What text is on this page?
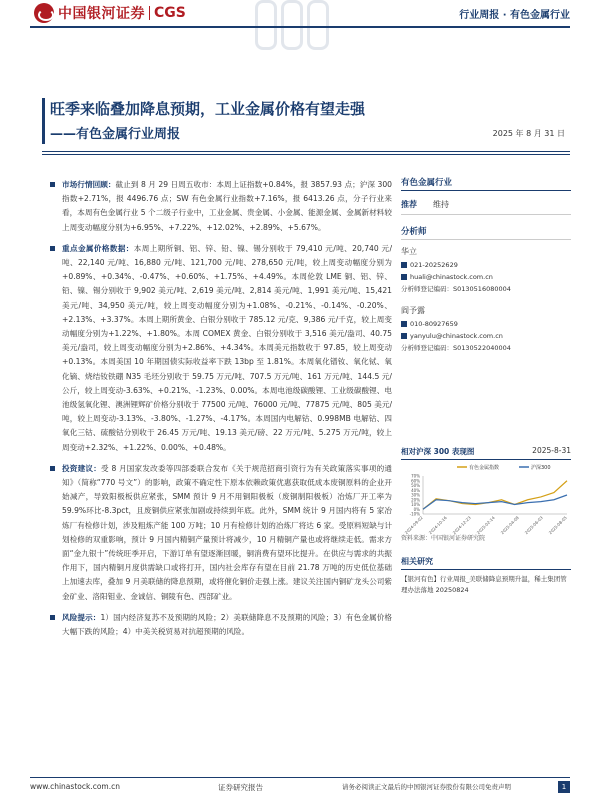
中国银河证券 CGS	行业周报 · 有色金属行业
旺季来临叠加降息预期，工业金属价格有望走强
——有色金属行业周报	2025 年 8 月 31 日
市场行情回顾：截止到 8 月 29 日周五收市：本周上证指数+0.84%，报 3857.93 点；沪深 300 指数+2.71%，报 4496.76 点；SW 有色金属行业指数+7.16%，报 6413.26 点，分子行业来看，本周有色金属行业 5 个二级子行业中，工业金属、贵金属、小金属、能源金属、金属新材料较上周变动幅度分别为+6.95%、+7.22%、+12.02%、+2.89%、+5.67%。
重点金属价格数据：本周上期所铜、铝、锌、铅、镍、锡分别收于 79,410 元/吨、20,740 元/吨、22,140 元/吨、16,880 元/吨、121,700 元/吨、278,650 元/吨，较上周变动幅度分别为+0.89%、+0.34%、-0.47%、+0.60%、+1.75%、+4.49%。本周伦敦 LME 铜、铝、锌、铅、镍、锡分别收于 9,902 美元/吨、2,619 美元/吨、2,814 美元/吨、1,991 美元/吨、15,421 美元/吨、34,950 美元/吨，较上周变动幅度分别为+1.08%、-0.21%、-0.14%、-0.20%、+2.13%、+3.37%。本周上期所黄金、白银分别收于 785.12 元/克、9,386 元/千克，较上周变动幅度分别为+1.22%、+1.80%。本周 COMEX 黄金、白银分别收于 3,516 美元/盎司、40.75 美元/盎司，较上周变动幅度分别为+2.86%、+4.34%。本周美元指数收于 97.85，较上周变动+0.13%。本周美国 10 年期国债实际收益率下跌 13bp 至 1.81%。本周氧化镨钕、氧化铽、氧化镝、烧结钕铁硼 N35 毛坯分别收于 59.75 万元/吨、707.5 万元/吨、161 万元/吨、144.5 元/公斤，较上周变动-3.63%、+0.21%、-1.23%、0.00%。本周电池级碳酸锂、工业级碳酸锂、电池级氢氧化锂、澳洲锂辉矿价格分别收于 77500 元/吨、76000 元/吨、77875 元/吨、805 美元/吨，较上周变动-3.13%、-3.80%、-1.27%、-4.17%。本周国内电解钴、0.998MB 电解钴、四氧化三钴、硫酸钴分别收于 26.45 万元/吨、19.13 美元/磅、22 万元/吨、5.275 万元/吨，较上周变动+2.32%、+1.22%、0.00%、+0.48%。
投资建议：受 8 月国家发改委等四部委联合发布《关于规范招商引资行为有关政策落实事项的通知》（简称“770 号文”）的影响，政策不确定性下原本依赖政策优惠获取低成本废铜原料的企业开始减产，导致阳极板供应紧张，SMM 预计 9 月不用铜阳极板（废铜制阳极板）冶炼厂开工率为 59.9%环比-8.3pct，且废铜供应紧张加剧或持续到年底。此外，SMM 统计 9 月国内将有 5 家冶炼厂有检修计划，涉及粗炼产能 100 万吨；10 月有检修计划的冶炼厂将达 6 家。受原料短缺与计划检修的双重影响，预计 9 月国内精铜产量预计将减少，10 月精铜产量也或将继续走低。需求方面“金九银十”传统旺季开启，下游订单有望逐渐回暖，铜消费有望环比提升。在供应与需求的共振作用下，国内精铜月度供需缺口或将打开，国内社会库存有望在目前 21.78 万吨的历史低位基础上加速去库，叠加 9 月美联储的降息预期，或将催化铜价走强上涨。建议关注国内铜矿龙头公司紫金矿业、洛阳钼业、金诚信、铜陵有色、西部矿业。
风险提示：1）国内经济复苏不及预期的风险；2）美联储降息不及预期的风险；3）有色金属价格大幅下跌的风险；4）中美关税贸易对抗超预期的风险。
有色金属行业
推荐 维持
分析师
华立
021-20252629
huali@chinastock.com.cn
分析师登记编码：S0130516080004
阎予露
010-80927659
yanyulu@chinastock.com.cn
分析师登记编码：S0130522040004
相对沪深 300 表现图	2025-8-31
有色金属指数	沪深300
-10%
0%
10%
20%
30%
40%
50%
60%
70%
2024-09-02 2024-10-16 2024-12-23 2025-02-14 2025-04-08 2025-06-03 2025-08-05
资料来源：中国银河证券研究院
相关研究
【银河有色】行业周报_美联储降息预期升温，稀土集团管理办法落地 20250824
www.chinastock.com.cn	证券研究报告	请务必阅读正文最后的中国银河证券股份有限公司免责声明	1
